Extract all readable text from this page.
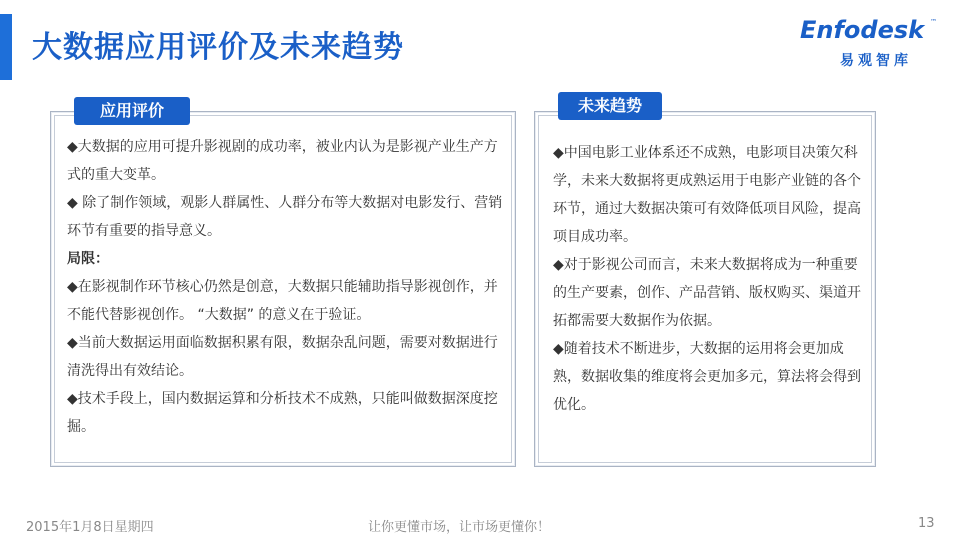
大数据应用评价及未来趋势	Enfodesk ™
易观智库
应用评价

◆大数据的应用可提升影视剧的成功率，被业内认为是影视产业生产方式的重大变革。

◆ 除了制作领域，观影人群属性、人群分布等大数据对电影发行、营销环节有重要的指导意义。

局限：

◆在影视制作环节核心仍然是创意，大数据只能辅助指导影视创作，并不能代替影视创作。 “大数据” 的意义在于验证。

◆当前大数据运用面临数据积累有限，数据杂乱问题，需要对数据进行清洗得出有效结论。

◆技术手段上，国内数据运算和分析技术不成熟，只能叫做数据深度挖掘。

未来趋势

◆中国电影工业体系还不成熟，电影项目决策欠科学，未来大数据将更成熟运用于电影产业链的各个环节，通过大数据决策可有效降低项目风险，提高项目成功率。

◆对于影视公司而言，未来大数据将成为一种重要的生产要素，创作、产品营销、版权购买、渠道开拓都需要大数据作为依据。

◆随着技术不断进步，大数据的运用将会更加成熟，数据收集的维度将会更加多元，算法将会得到优化。

2015年1月8日星期四	让你更懂市场，让市场更懂你！	13
